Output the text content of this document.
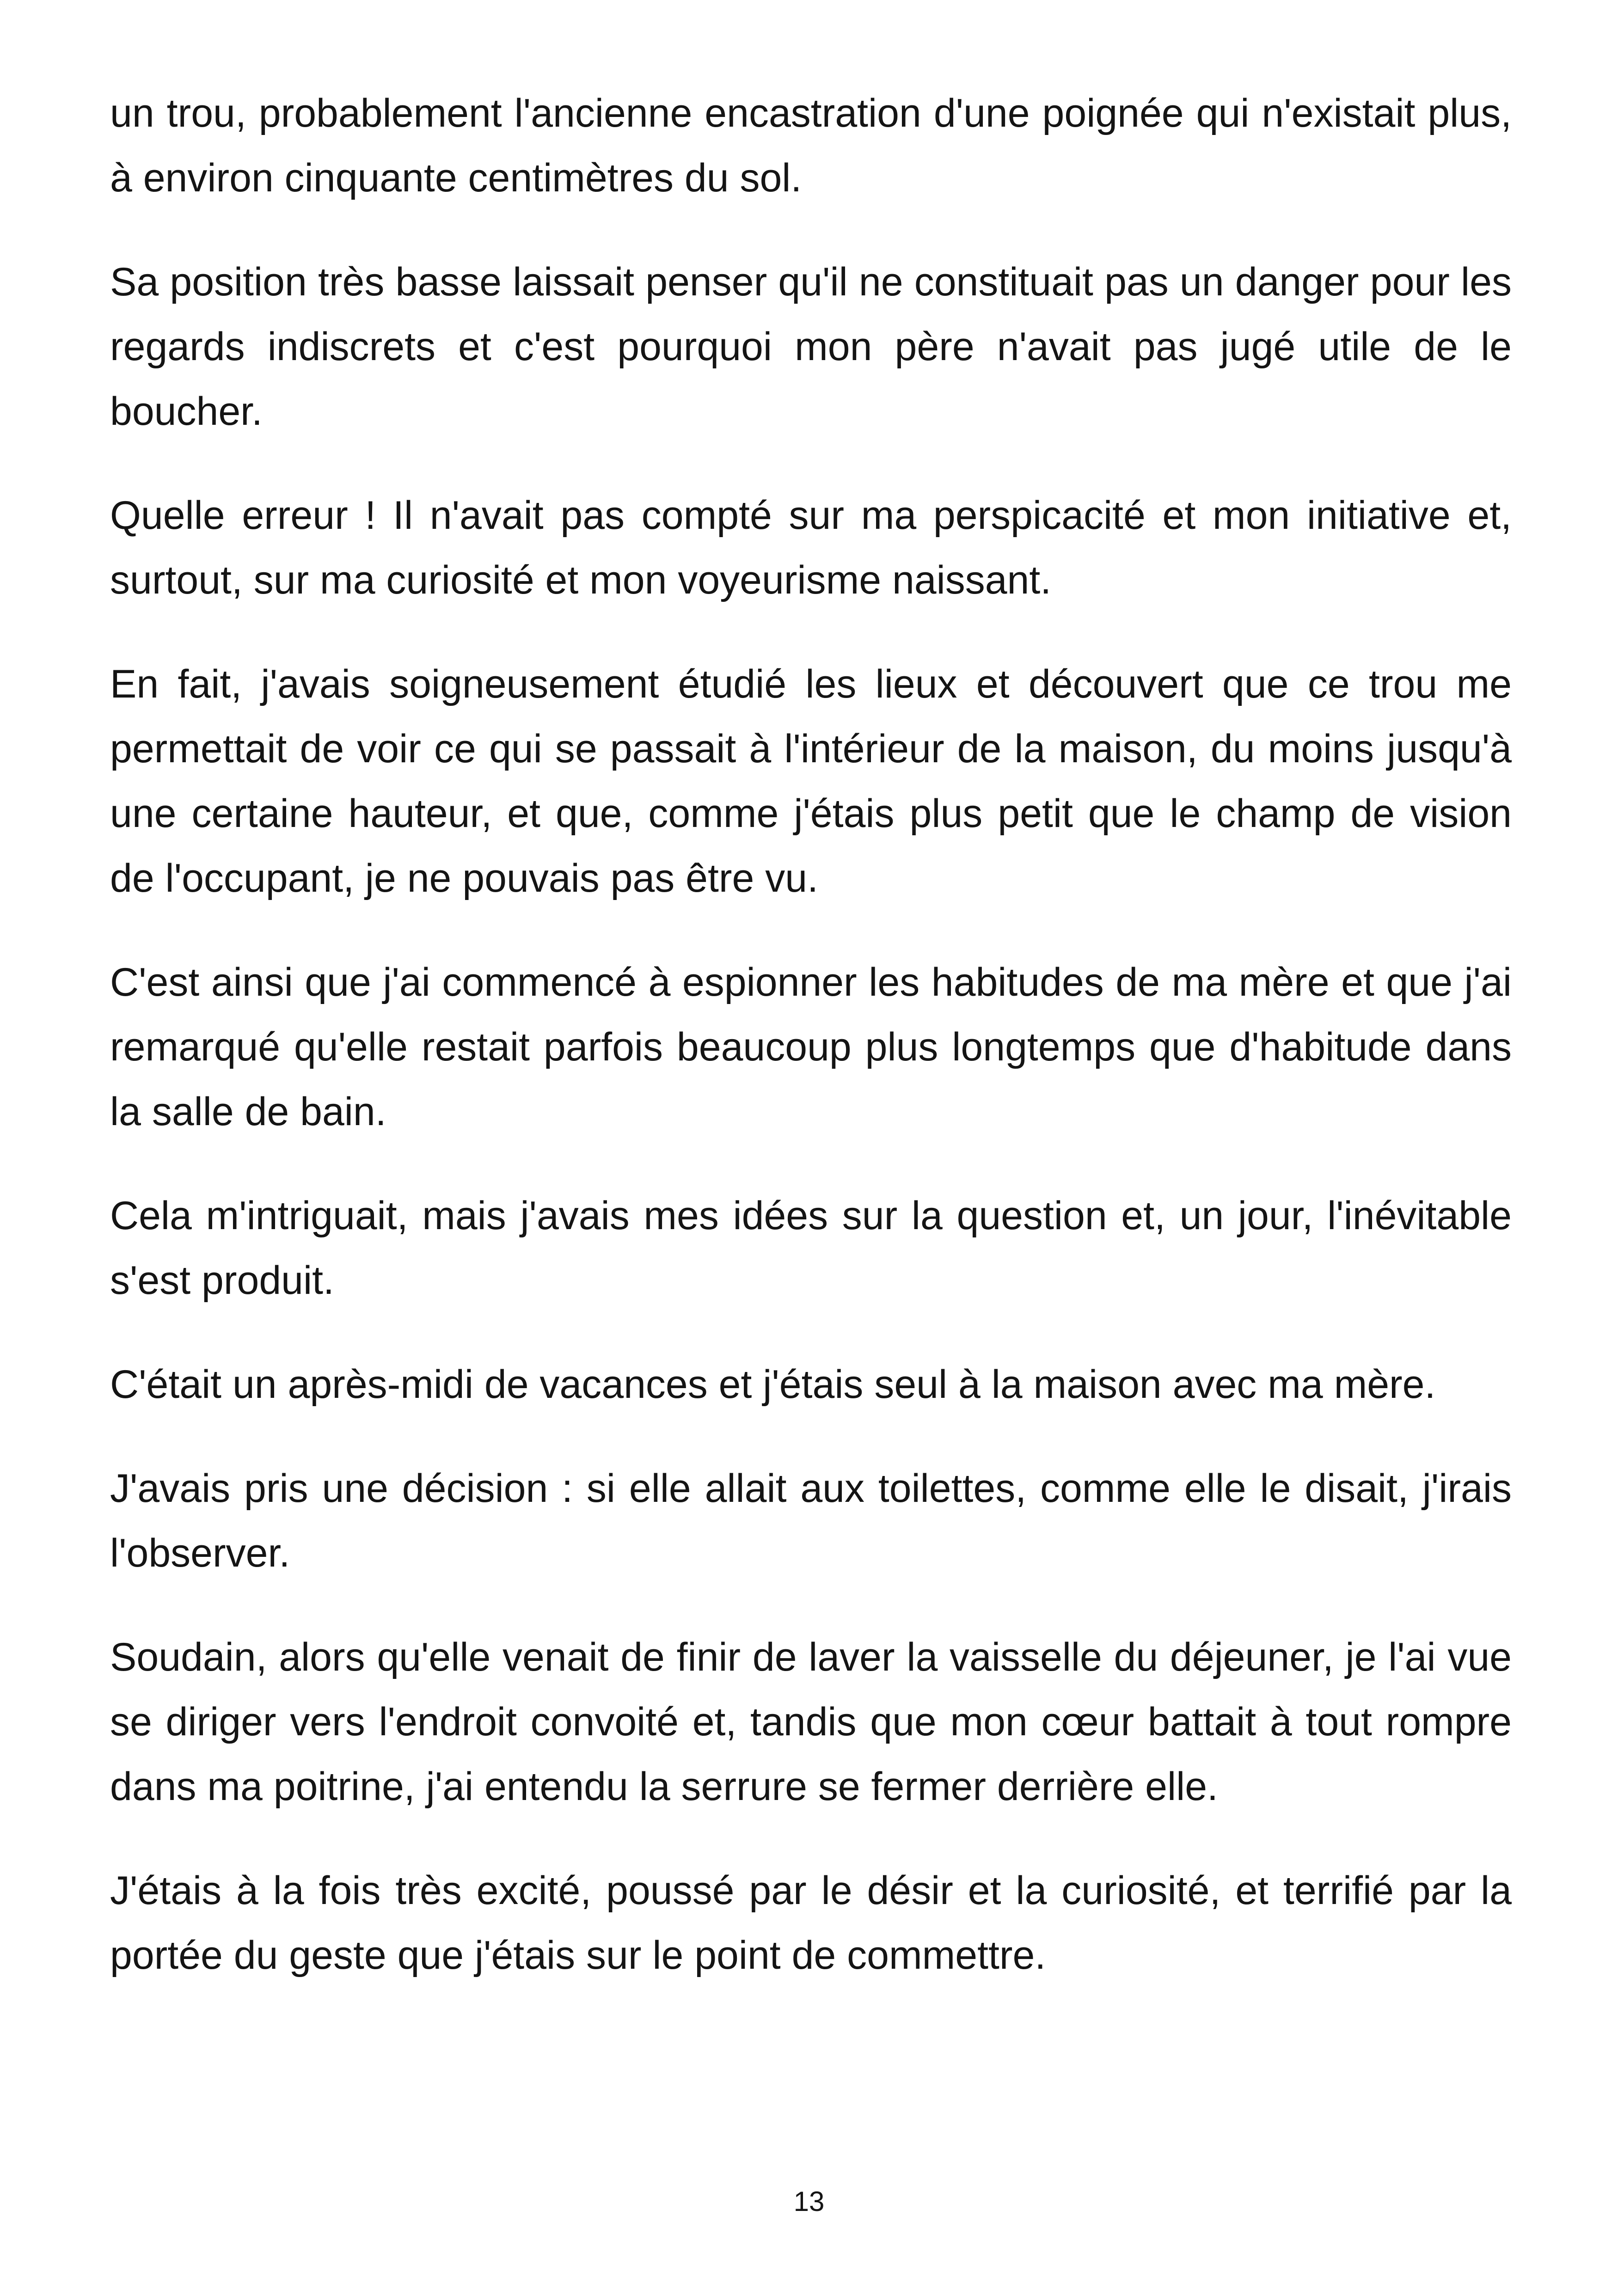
un trou, probablement l'ancienne encastration d'une poignée qui n'existait plus, à environ cinquante centimètres du sol.

Sa position très basse laissait penser qu'il ne constituait pas un danger pour les regards indiscrets et c'est pourquoi mon père n'avait pas jugé utile de le boucher.

Quelle erreur ! Il n'avait pas compté sur ma perspicacité et mon initiative et, surtout, sur ma curiosité et mon voyeurisme naissant.

En fait, j'avais soigneusement étudié les lieux et découvert que ce trou me permettait de voir ce qui se passait à l'intérieur de la maison, du moins jusqu'à une certaine hauteur, et que, comme j'étais plus petit que le champ de vision de l'occupant, je ne pouvais pas être vu.

C'est ainsi que j'ai commencé à espionner les habitudes de ma mère et que j'ai remarqué qu'elle restait parfois beaucoup plus longtemps que d'habitude dans la salle de bain.

Cela m'intriguait, mais j'avais mes idées sur la question et, un jour, l'inévitable s'est produit.

C'était un après-midi de vacances et j'étais seul à la maison avec ma mère.

J'avais pris une décision : si elle allait aux toilettes, comme elle le disait, j'irais l'observer.

Soudain, alors qu'elle venait de finir de laver la vaisselle du déjeuner, je l'ai vue se diriger vers l'endroit convoité et, tandis que mon cœur battait à tout rompre dans ma poitrine, j'ai entendu la serrure se fermer derrière elle.

J'étais à la fois très excité, poussé par le désir et la curiosité, et terrifié par la portée du geste que j'étais sur le point de commettre.

13
